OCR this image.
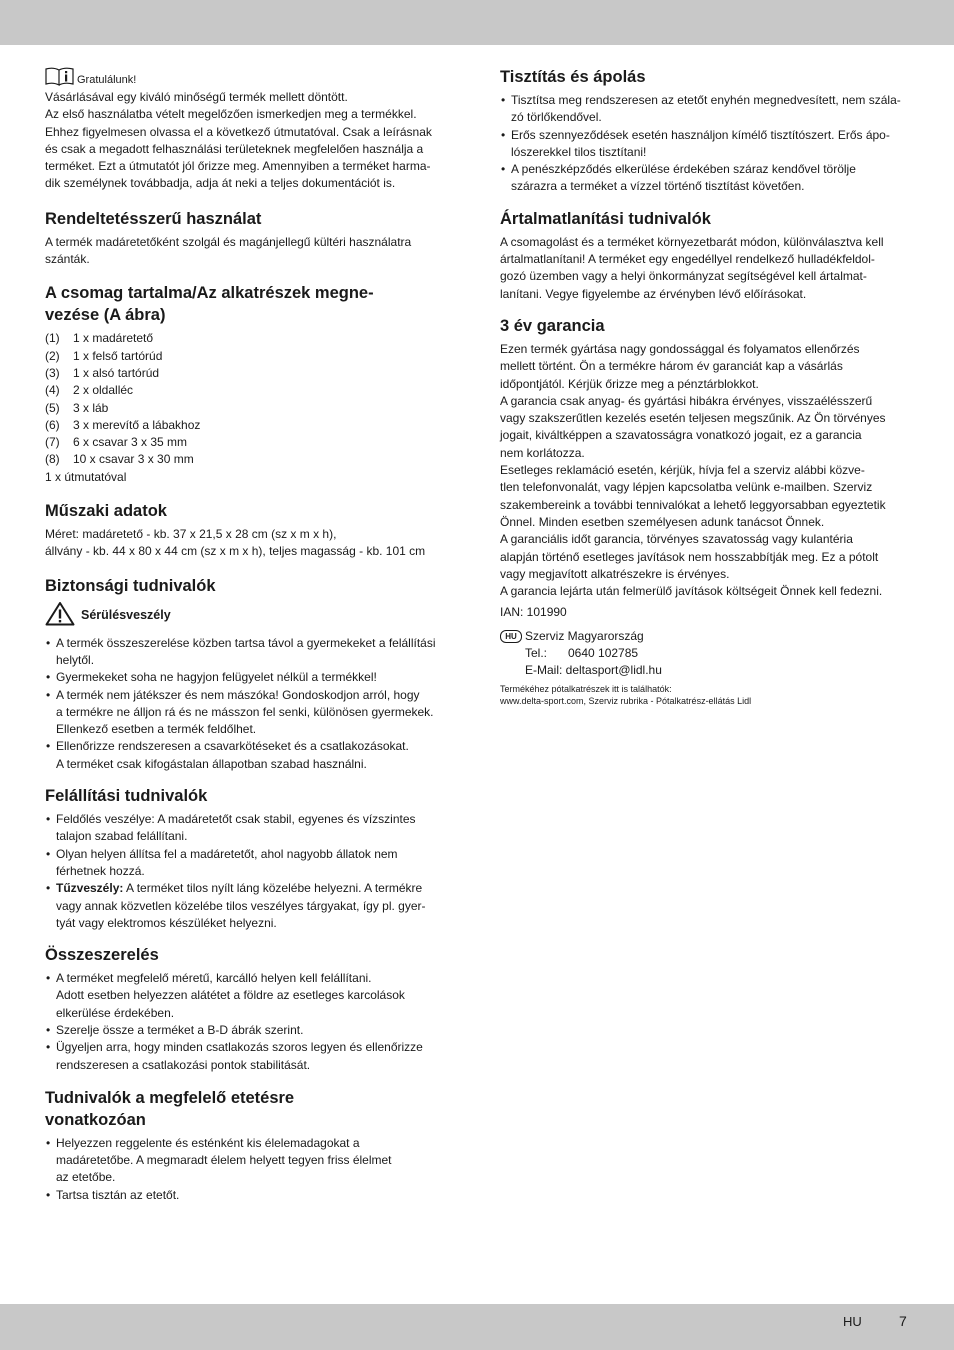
Gratulálunk!

Vásárlásával egy kiváló minőségű termék mellett döntött.

Az első használatba vételt megelőzően ismerkedjen meg a termékkel.

Ehhez figyelmesen olvassa el a következő útmutatóval. Csak a leírásnak

és csak a megadott felhasználási területeknek megfelelően használja a

terméket. Ezt a útmutatót jól őrizze meg. Amennyiben a terméket harma-

dik személynek továbbadja, adja át neki a teljes dokumentációt is.

Rendeltetésszerű használat

A termék madáretetőként szolgál és magánjellegű kültéri használatra

szánták.

A csomag tartalma/Az alkatrészek megne-
vezése (A ábra)
(1) 1 x madáretető
(2) 1 x felső tartórúd
(3) 1 x alsó tartórúd
(4) 2 x oldalléc
(5) 3 x láb
(6) 3 x merevítő a lábakhoz
(7) 6 x csavar 3 x 35 mm
(8) 10 x csavar 3 x 30 mm
1 x útmutatóval
Műszaki adatok

Méret: madáretető - kb. 37 x 21,5 x 28 cm (sz x m x h),

állvány - kb. 44 x 80 x 44 cm (sz x m x h), teljes magasság - kb. 101 cm

Biztonsági tudnivalók
Sérülésveszély
• A termék összeszerelése közben tartsa távol a gyermekeket a felállítási
helytől.
• Gyermekeket soha ne hagyjon felügyelet nélkül a termékkel!
• A termék nem játékszer és nem mászóka! Gondoskodjon arról, hogy
a termékre ne álljon rá és ne másszon fel senki, különösen gyermekek.
Ellenkező esetben a termék feldőlhet.
• Ellenőrizze rendszeresen a csavarkötéseket és a csatlakozásokat.
A terméket csak kifogástalan állapotban szabad használni.
Felállítási tudnivalók
• Feldőlés veszélye: A madáretetőt csak stabil, egyenes és vízszintes
talajon szabad felállítani.
• Olyan helyen állítsa fel a madáretetőt, ahol nagyobb állatok nem
férhetnek hozzá.
• Tűzveszély: A terméket tilos nyílt láng közelébe helyezni. A termékre
vagy annak közvetlen közelébe tilos veszélyes tárgyakat, így pl. gyer-
tyát vagy elektromos készüléket helyezni.
Összeszerelés
• A terméket megfelelő méretű, karcálló helyen kell felállítani.
Adott esetben helyezzen alátétet a földre az esetleges karcolások
elkerülése érdekében.
• Szerelje össze a terméket a B-D ábrák szerint.
• Ügyeljen arra, hogy minden csatlakozás szoros legyen és ellenőrizze
rendszeresen a csatlakozási pontok stabilitását.
Tudnivalók a megfelelő etetésre
vonatkozóan
• Helyezzen reggelente és esténként kis élelemadagokat a
madáretetőbe. A megmaradt élelem helyett tegyen friss élelmet
az etetőbe.
• Tartsa tisztán az etetőt.
Tisztítás és ápolás
• Tisztítsa meg rendszeresen az etetőt enyhén megnedvesített, nem szála-
zó törlőkendővel.
• Erős szennyeződések esetén használjon kímélő tisztítószert. Erős ápo-
lószerekkel tilos tisztítani!
• A penészképződés elkerülése érdekében száraz kendővel törölje
szárazra a terméket a vízzel történő tisztítást követően.
Ártalmatlanítási tudnivalók

A csomagolást és a terméket környezetbarát módon, különválasztva kell

ártalmatlanítani! A terméket egy engedéllyel rendelkező hulladékfeldol-

gozó üzemben vagy a helyi önkormányzat segítségével kell ártalmat-

lanítani. Vegye figyelembe az érvényben lévő előírásokat.

3 év garancia

Ezen termék gyártása nagy gondossággal és folyamatos ellenőrzés

mellett történt. Ön a termékre három év garanciát kap a vásárlás

időpontjától. Kérjük őrizze meg a pénztárblokkot.

A garancia csak anyag- és gyártási hibákra érvényes, visszaélésszerű

vagy szakszerűtlen kezelés esetén teljesen megszűnik. Az Ön törvényes

jogait, kiváltképpen a szavatosságra vonatkozó jogait, ez a garancia

nem korlátozza.

Esetleges reklamáció esetén, kérjük, hívja fel a szerviz alábbi közve-

tlen telefonvonalát, vagy lépjen kapcsolatba velünk e-mailben. Szerviz

szakembereink a további tennivalókat a lehető leggyorsabban egyeztetik

Önnel. Minden esetben személyesen adunk tanácsot Önnek.

A garanciális időt garancia, törvényes szavatosság vagy kulantéria

alapján történő esetleges javítások nem hosszabbítják meg. Ez a pótolt

vagy megjavított alkatrészekre is érvényes.

A garancia lejárta után felmerülő javítások költségeit Önnek kell fedezni.

IAN: 101990

HU Szerviz Magyarország
Tel.: 0640 102785
E-Mail: deltasport@lidl.hu
Termékéhez pótalkatrészek itt is találhatók:
www.delta-sport.com, Szerviz rubrika - Pótalkatrész-ellátás Lidl
HU	7
